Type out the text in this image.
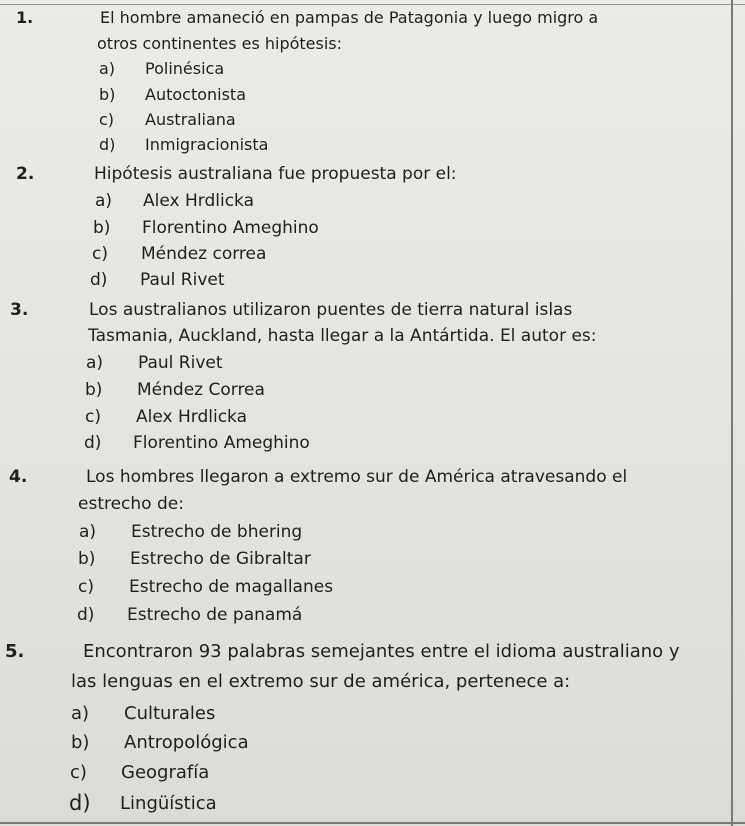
1.	El hombre amaneció en pampas de Patagonia y luego migro a
otros continentes es hipótesis:
a) Polinésica
b) Autoctonista
c) Australiana
d) Inmigracionista
2.	Hipótesis australiana fue propuesta por el:
a) Alex Hrdlicka
b) Florentino Ameghino
c) Méndez correa
d) Paul Rivet
3.	Los australianos utilizaron puentes de tierra natural islas
Tasmania, Auckland, hasta llegar a la Antártida. El autor es:
a) Paul Rivet
b) Méndez Correa
c) Alex Hrdlicka
d) Florentino Ameghino
4.	Los hombres llegaron a extremo sur de América atravesando el
estrecho de:
a) Estrecho de bhering
b) Estrecho de Gibraltar
c) Estrecho de magallanes
d) Estrecho de panamá
5.	Encontraron 93 palabras semejantes entre el idioma australiano y
las lenguas en el extremo sur de américa, pertenece a:
a) Culturales
b) Antropológica
c) Geografía
d) Lingüística
